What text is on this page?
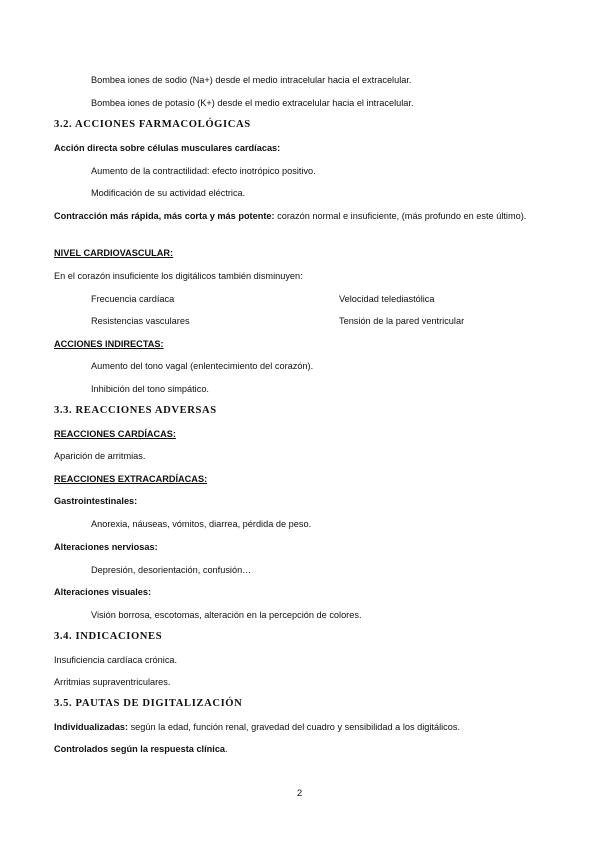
Bombea iones de sodio (Na+) desde el medio intracelular hacia el extracelular.
Bombea iones de potasio (K+) desde el medio extracelular hacia el intracelular.
3.2. ACCIONES FARMACOLÓGICAS
Acción directa sobre células musculares cardíacas:
Aumento de la contractilidad: efecto inotrópico positivo.
Modificación de su actividad eléctrica.
Contracción más rápida, más corta y más potente: corazón normal e insuficiente, (más profundo en este último).
NIVEL CARDIOVASCULAR:
En el corazón insuficiente los digitálicos también disminuyen:
Frecuencia cardíaca	Velocidad telediastólica
Resistencias vasculares	Tensión de la pared ventricular
ACCIONES INDIRECTAS:
Aumento del tono vagal (enlentecimiento del corazón).
Inhibición del tono simpático.
3.3. REACCIONES ADVERSAS
REACCIONES CARDÍACAS:
Aparición de arritmias.
REACCIONES EXTRACARDÍACAS:
Gastrointestinales:
Anorexia, náuseas, vómitos, diarrea, pérdida de peso.
Alteraciones nerviosas:
Depresión, desorientación, confusión…
Alteraciones visuales:
Visión borrosa, escotomas, alteración en la percepción de colores.
3.4. INDICACIONES
Insuficiencia cardíaca crónica.
Arritmias supraventriculares.
3.5. PAUTAS DE DIGITALIZACIÓN
Individualizadas: según la edad, función renal, gravedad del cuadro y sensibilidad a los digitálicos.
Controlados según la respuesta clínica.
2
